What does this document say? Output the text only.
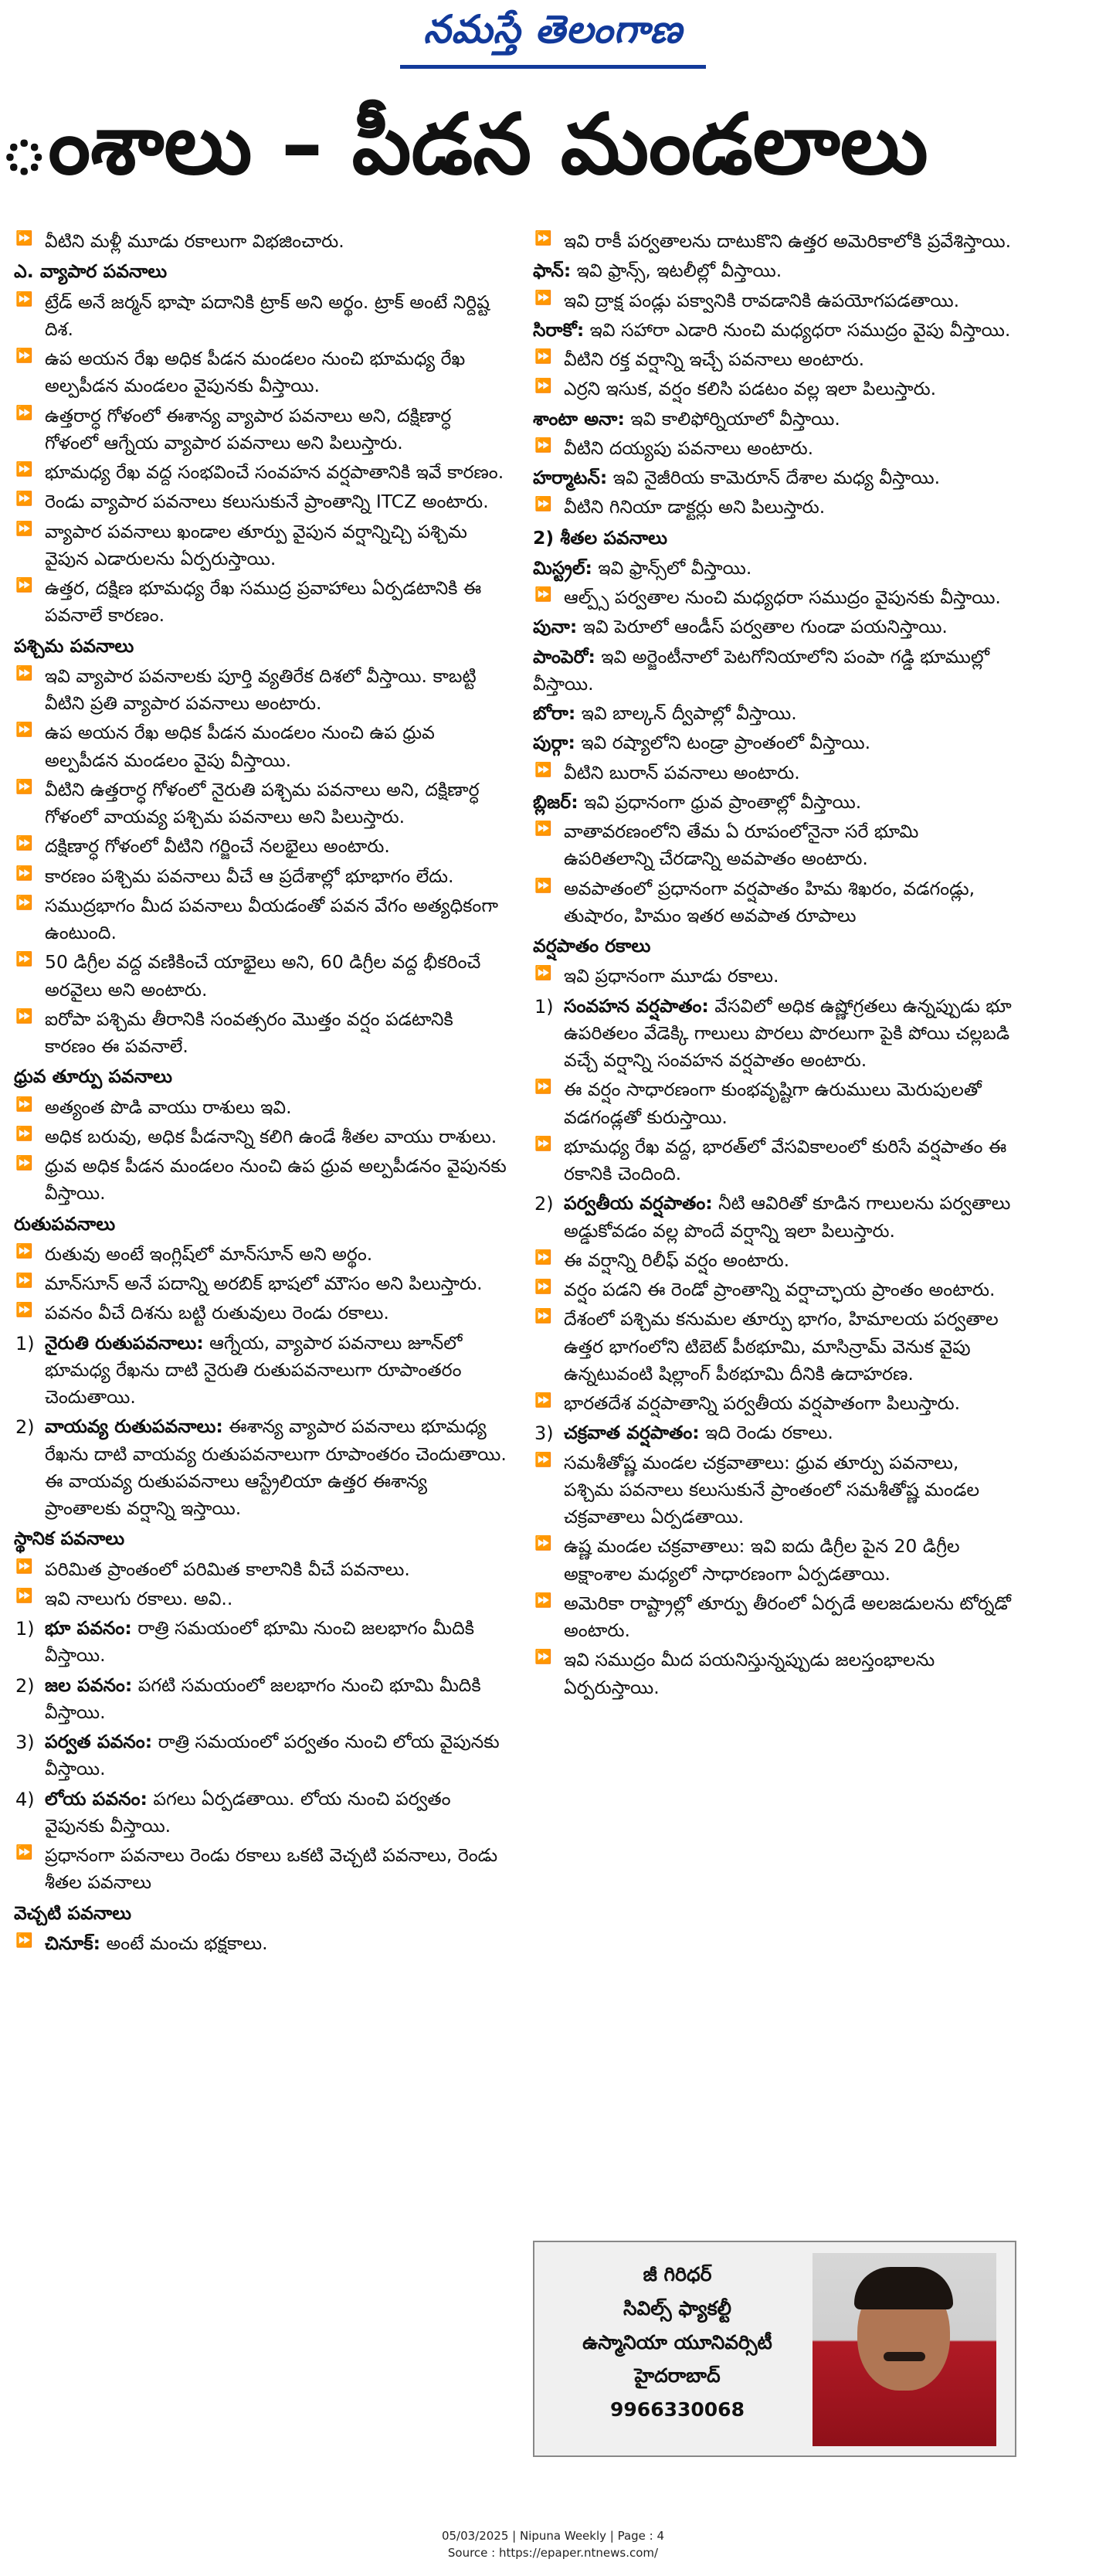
నమస్తే తెలంగాణ
ంశాలు – పీడన మండలాలు
⏩ వీటిని మళ్లీ మూడు రకాలుగా విభజించారు.
ఎ. వ్యాపార పవనాలు
⏩ ట్రేడ్ అనే జర్మన్ భాషా పదానికి ట్రాక్ అని అర్థం. ట్రాక్ అంటే నిర్దిష్ట దిశ.
⏩ ఉప అయన రేఖ అధిక పీడన మండలం నుంచి భూమధ్య రేఖ అల్పపీడన మండలం వైపునకు వీస్తాయి.
⏩ ఉత్తరార్ధ గోళంలో ఈశాన్య వ్యాపార పవనాలు అని, దక్షిణార్ధ గోళంలో ఆగ్నేయ వ్యాపార పవనాలు అని పిలుస్తారు.
⏩ భూమధ్య రేఖ వద్ద సంభవించే సంవహన వర్షపాతానికి ఇవే కారణం.
⏩ రెండు వ్యాపార పవనాలు కలుసుకునే ప్రాంతాన్ని ITCZ అంటారు.
⏩ వ్యాపార పవనాలు ఖండాల తూర్పు వైపున వర్షాన్నిచ్చి పశ్చిమ వైపున ఎడారులను ఏర్పరుస్తాయి.
⏩ ఉత్తర, దక్షిణ భూమధ్య రేఖ సముద్ర ప్రవాహాలు ఏర్పడటానికి ఈ పవనాలే కారణం.
పశ్చిమ పవనాలు
⏩ ఇవి వ్యాపార పవనాలకు పూర్తి వ్యతిరేక దిశలో వీస్తాయి. కాబట్టి వీటిని ప్రతి వ్యాపార పవనాలు అంటారు.
⏩ ఉప అయన రేఖ అధిక పీడన మండలం నుంచి ఉప ధ్రువ అల్పపీడన మండలం వైపు వీస్తాయి.
⏩ వీటిని ఉత్తరార్ధ గోళంలో నైరుతి పశ్చిమ పవనాలు అని, దక్షిణార్ధ గోళంలో వాయవ్య పశ్చిమ పవనాలు అని పిలుస్తారు.
⏩ దక్షిణార్ధ గోళంలో వీటిని గర్జించే నలభైలు అంటారు.
⏩ కారణం పశ్చిమ పవనాలు వీచే ఆ ప్రదేశాల్లో భూభాగం లేదు.
⏩ సముద్రభాగం మీద పవనాలు వీయడంతో పవన వేగం అత్యధికంగా ఉంటుంది.
⏩ 50 డిగ్రీల వద్ద వణికించే యాభైలు అని, 60 డిగ్రీల వద్ద భీకరించే అరవైలు అని అంటారు.
⏩ ఐరోపా పశ్చిమ తీరానికి సంవత్సరం మొత్తం వర్షం పడటానికి కారణం ఈ పవనాలే.
ధ్రువ తూర్పు పవనాలు
⏩ అత్యంత పొడి వాయు రాశులు ఇవి.
⏩ అధిక బరువు, అధిక పీడనాన్ని కలిగి ఉండే శీతల వాయు రాశులు.
⏩ ధ్రువ అధిక పీడన మండలం నుంచి ఉప ధ్రువ అల్పపీడనం వైపునకు వీస్తాయి.
రుతుపవనాలు
⏩ రుతువు అంటే ఇంగ్లిష్‌లో మాన్‌సూన్ అని అర్థం.
⏩ మాన్‌సూన్ అనే పదాన్ని అరబిక్ భాషలో మౌసం అని పిలుస్తారు.
⏩ పవనం వీచే దిశను బట్టి రుతువులు రెండు రకాలు.
1) నైరుతి రుతుపవనాలు: ఆగ్నేయ, వ్యాపార పవనాలు జూన్‌లో భూమధ్య రేఖను దాటి నైరుతి రుతుపవనాలుగా రూపాంతరం చెందుతాయి.
2) వాయవ్య రుతుపవనాలు: ఈశాన్య వ్యాపార పవనాలు భూమధ్య రేఖను దాటి వాయవ్య రుతుపవనాలుగా రూపాంతరం చెందుతాయి. ఈ వాయవ్య రుతుపవనాలు ఆస్ట్రేలియా ఉత్తర ఈశాన్య ప్రాంతాలకు వర్షాన్ని ఇస్తాయి.
స్థానిక పవనాలు
⏩ పరిమిత ప్రాంతంలో పరిమిత కాలానికి వీచే పవనాలు.
⏩ ఇవి నాలుగు రకాలు. అవి..
1) భూ పవనం: రాత్రి సమయంలో భూమి నుంచి జలభాగం మీదికి వీస్తాయి.
2) జల పవనం: పగటి సమయంలో జలభాగం నుంచి భూమి మీదికి వీస్తాయి.
3) పర్వత పవనం: రాత్రి సమయంలో పర్వతం నుంచి లోయ వైపునకు వీస్తాయి.
4) లోయ పవనం: పగలు ఏర్పడతాయి. లోయ నుంచి పర్వతం వైపునకు వీస్తాయి.
⏩ ప్రధానంగా పవనాలు రెండు రకాలు ఒకటి వెచ్చటి పవనాలు, రెండు శీతల పవనాలు
వెచ్చటి పవనాలు
⏩ చినూక్: అంటే మంచు భక్షకాలు.
⏩ ఇవి రాకీ పర్వతాలను దాటుకొని ఉత్తర అమెరికాలోకి ప్రవేశిస్తాయి.
ఫాన్: ఇవి ఫ్రాన్స్, ఇటలీల్లో వీస్తాయి.
⏩ ఇవి ద్రాక్ష పండ్లు పక్వానికి రావడానికి ఉపయోగపడతాయి.
సిరాకో: ఇవి సహారా ఎడారి నుంచి మధ్యధరా సముద్రం వైపు వీస్తాయి.
⏩ వీటిని రక్త వర్షాన్ని ఇచ్చే పవనాలు అంటారు.
⏩ ఎర్రని ఇసుక, వర్షం కలిసి పడటం వల్ల ఇలా పిలుస్తారు.
శాంటా అనా: ఇవి కాలిఫోర్నియాలో వీస్తాయి.
⏩ వీటిని దయ్యపు పవనాలు అంటారు.
హర్మాటన్: ఇవి నైజీరియ కామెరూన్ దేశాల మధ్య వీస్తాయి.
⏩ వీటిని గినియా డాక్టర్లు అని పిలుస్తారు.
2) శీతల పవనాలు
మిస్ట్రల్: ఇవి ఫ్రాన్స్‌లో వీస్తాయి.
⏩ ఆల్ప్స్ పర్వతాల నుంచి మధ్యధరా సముద్రం వైపునకు వీస్తాయి.
పునా: ఇవి పెరూలో ఆండీస్ పర్వతాల గుండా పయనిస్తాయి.
పాంపెరో: ఇవి అర్జెంటీనాలో పెటగోనియాలోని పంపా గడ్డి భూముల్లో వీస్తాయి.
బోరా: ఇవి బాల్కన్ ద్వీపాల్లో వీస్తాయి.
పుర్గా: ఇవి రష్యాలోని టండ్రా ప్రాంతంలో వీస్తాయి.
⏩ వీటిని బురాన్ పవనాలు అంటారు.
బ్లిజర్: ఇవి ప్రధానంగా ధ్రువ ప్రాంతాల్లో వీస్తాయి.
⏩ వాతావరణంలోని తేమ ఏ రూపంలోనైనా సరే భూమి ఉపరితలాన్ని చేరడాన్ని అవపాతం అంటారు.
⏩ అవపాతంలో ప్రధానంగా వర్షపాతం హిమ శిఖరం, వడగండ్లు, తుషారం, హిమం ఇతర అవపాత రూపాలు
వర్షపాతం రకాలు
⏩ ఇవి ప్రధానంగా మూడు రకాలు.
1) సంవహన వర్షపాతం: వేసవిలో అధిక ఉష్ణోగ్రతలు ఉన్నప్పుడు భూ ఉపరితలం వేడెక్కి గాలులు పొరలు పొరలుగా పైకి పోయి చల్లబడి వచ్చే వర్షాన్ని సంవహన వర్షపాతం అంటారు.
⏩ ఈ వర్షం సాధారణంగా కుంభవృష్టిగా ఉరుములు మెరుపులతో వడగండ్లతో కురుస్తాయి.
⏩ భూమధ్య రేఖ వద్ద, భారత్‌లో వేసవికాలంలో కురిసే వర్షపాతం ఈ రకానికి చెందింది.
2) పర్వతీయ వర్షపాతం: నీటి ఆవిరితో కూడిన గాలులను పర్వతాలు అడ్డుకోవడం వల్ల పొందే వర్షాన్ని ఇలా పిలుస్తారు.
⏩ ఈ వర్షాన్ని రిలీఫ్ వర్షం అంటారు.
⏩ వర్షం పడని ఈ రెండో ప్రాంతాన్ని వర్షాచ్ఛాయ ప్రాంతం అంటారు.
⏩ దేశంలో పశ్చిమ కనుమల తూర్పు భాగం, హిమాలయ పర్వతాల ఉత్తర భాగంలోని టిబెట్ పీఠభూమి, మాసిన్రామ్ వెనుక వైపు ఉన్నటువంటి షిల్లాంగ్ పీఠభూమి దీనికి ఉదాహరణ.
⏩ భారతదేశ వర్షపాతాన్ని పర్వతీయ వర్షపాతంగా పిలుస్తారు.
3) చక్రవాత వర్షపాతం: ఇది రెండు రకాలు.
⏩ సమశీతోష్ణ మండల చక్రవాతాలు: ధ్రువ తూర్పు పవనాలు, పశ్చిమ పవనాలు కలుసుకునే ప్రాంతంలో సమశీతోష్ణ మండల చక్రవాతాలు ఏర్పడతాయి.
⏩ ఉష్ణ మండల చక్రవాతాలు: ఇవి ఐదు డిగ్రీల పైన 20 డిగ్రీల అక్షాంశాల మధ్యలో సాధారణంగా ఏర్పడతాయి.
⏩ అమెరికా రాష్ట్రాల్లో తూర్పు తీరంలో ఏర్పడే అలజడులను టోర్నడో అంటారు.
⏩ ఇవి సముద్రం మీద పయనిస్తున్నప్పుడు జలస్తంభాలను ఏర్పరుస్తాయి.
జీ గిరిధర్
సివిల్స్ ఫ్యాకల్టీ
ఉస్మానియా యూనివర్సిటీ
హైదరాబాద్
9966330068
05/03/2025 | Nipuna Weekly | Page : 4
Source : https://epaper.ntnews.com/
